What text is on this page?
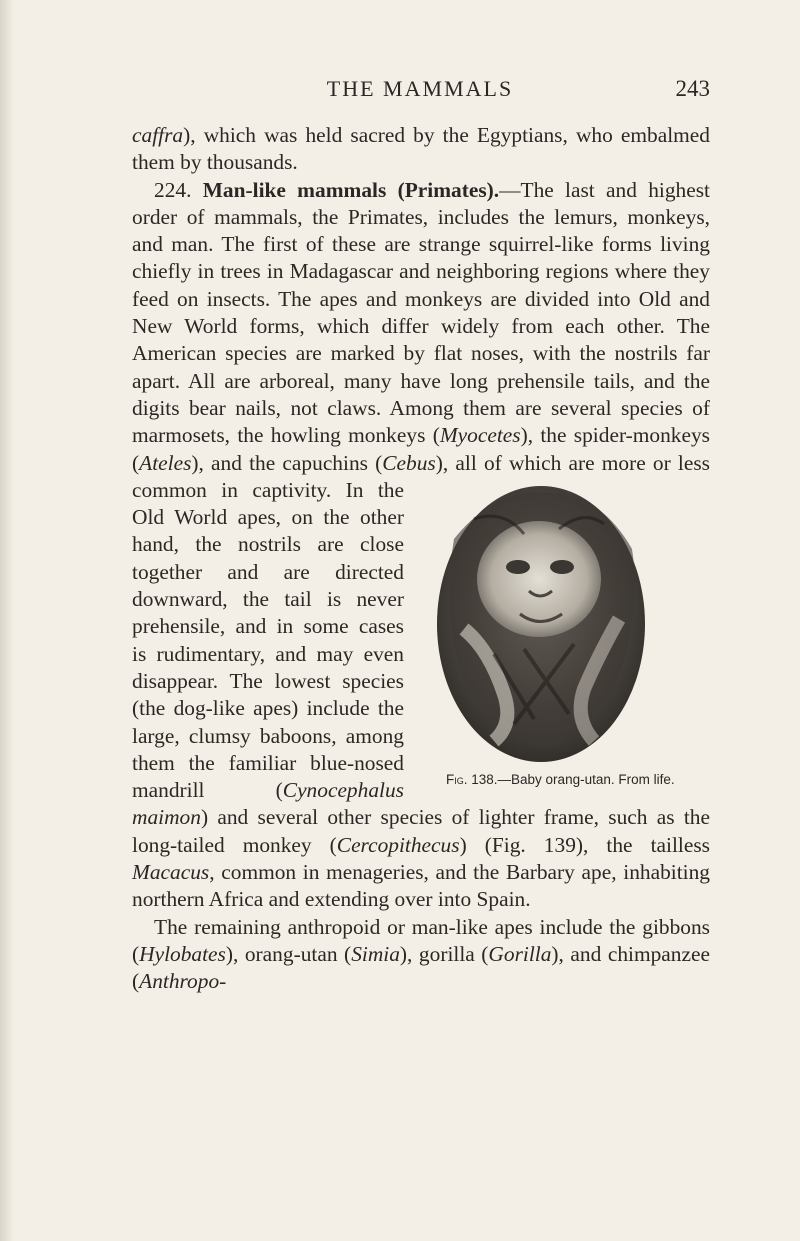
THE MAMMALS	243

caffra), which was held sacred by the Egyptians, who embalmed them by thousands.

224. Man-like mammals (Primates).—The last and highest order of mammals, the Primates, includes the lemurs, monkeys, and man. The first of these are strange squirrel-like forms living chiefly in trees in Madagascar and neighboring regions where they feed on insects. The apes and monkeys are divided into Old and New World forms, which differ widely from each other. The American species are marked by flat noses, with the nostrils far apart. All are arboreal, many have long prehensile tails, and the digits bear nails, not claws. Among them are several species of marmosets, the howling monkeys (Myocetes), the spider-monkeys (Ateles), and the capuchins (Cebus
Fig. 138.—Baby orang-utan. From life.
), all of which are more or less common in captivity. In the Old World apes, on the other hand, the nostrils are close together and are directed downward, the tail is never prehensile, and in some cases is rudimentary, and may even disappear. The lowest species (the dog-like apes) include the large, clumsy baboons, among them the familiar blue-nosed mandrill (Cynocephalus maimon) and several other species of lighter frame, such as the long-tailed monkey (Cercopithecus) (Fig. 139), the tailless Macacus, common in menageries, and the Barbary ape, inhabiting northern Africa and extending over into Spain.

The remaining anthropoid or man-like apes include the gibbons (Hylobates), orang-utan (Simia), gorilla (Gorilla), and chimpanzee (Anthropo-
